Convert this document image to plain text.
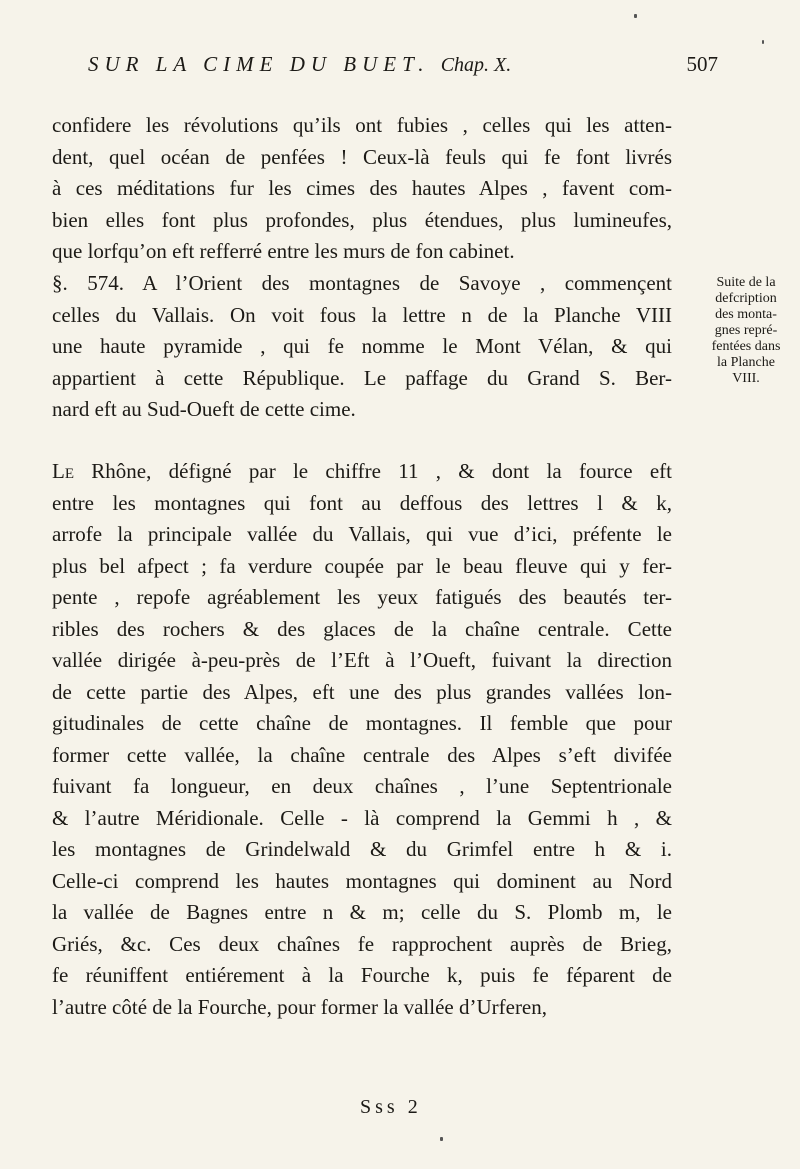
SUR LA CIME DU BUET. Chap. X.	507
confidere les révolutions qu’ils ont fubies , celles qui les atten-
dent, quel océan de penfées ! Ceux-là feuls qui fe font livrés
à ces méditations fur les cimes des hautes Alpes , favent com-
bien elles font plus profondes, plus étendues, plus lumineufes,
que lorfqu’on eft refferré entre les murs de fon cabinet.
§. 574. A l’Orient des montagnes de Savoye , commençent
celles du Vallais. On voit fous la lettre n de la Planche VIII
une haute pyramide , qui fe nomme le Mont Vélan, & qui
appartient à cette République. Le paffage du Grand S. Ber-
nard eft au Sud-Oueft de cette cime.
Suite de la
defcription
des monta-
gnes repré-
fentées dans
la Planche
VIII.
Le Rhône, défigné par le chiffre 11 , & dont la fource eft
entre les montagnes qui font au deffous des lettres l & k,
arrofe la principale vallée du Vallais, qui vue d’ici, préfente le
plus bel afpect ; fa verdure coupée par le beau fleuve qui y fer-
pente , repofe agréablement les yeux fatigués des beautés ter-
ribles des rochers & des glaces de la chaîne centrale. Cette
vallée dirigée à-peu-près de l’Eft à l’Oueft, fuivant la direction
de cette partie des Alpes, eft une des plus grandes vallées lon-
gitudinales de cette chaîne de montagnes. Il femble que pour
former cette vallée, la chaîne centrale des Alpes s’eft divifée
fuivant fa longueur, en deux chaînes , l’une Septentrionale
& l’autre Méridionale. Celle - là comprend la Gemmi h , &
les montagnes de Grindelwald & du Grimfel entre h & i.
Celle-ci comprend les hautes montagnes qui dominent au Nord
la vallée de Bagnes entre n & m; celle du S. Plomb m, le
Griés, &c. Ces deux chaînes fe rapprochent auprès de Brieg,
fe réuniffent entiérement à la Fourche k, puis fe féparent de
l’autre côté de la Fourche, pour former la vallée d’Urferen,
Sss 2
